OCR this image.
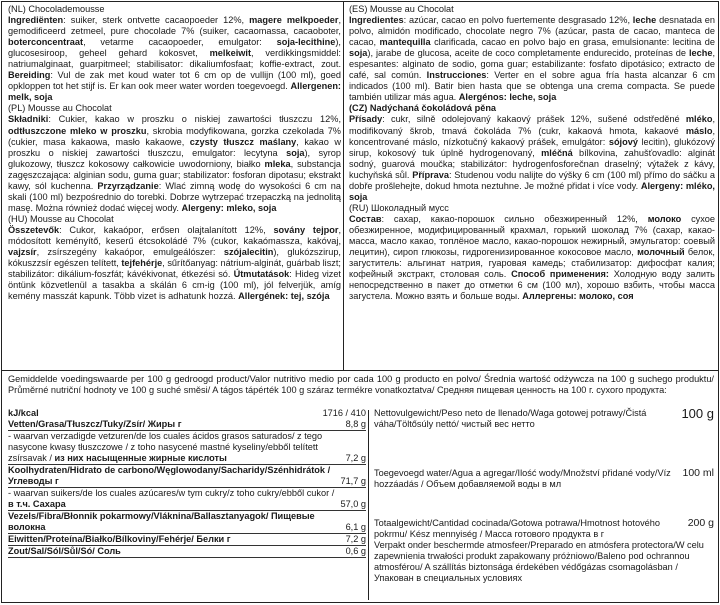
(NL) Chocolademousse
Ingrediënten: suiker, sterk ontvette cacaopoeder 12%, magere melkpoeder, gemodificeerd zetmeel, pure chocolade 7% (suiker, cacaomassa, cacaoboter, boterconcentraat, vetarme cacaopoeder, emulgator: soja-lecithine), glucosesiroop, geheel gehard kokosvet, melkeiwit, verdikkingsmiddel: natriumalginaat, guarpitmeel; stabilisator: dikaliumfosfaat; koffie-extract, zout. Bereiding: Vul de zak met koud water tot 6 cm op de vullijn (100 ml), goed opkloppen tot het stijf is. Er kan ook meer water worden toegevoegd. Allergenen: melk, soja
(PL) Mousse au Chocolat
Składniki: Cukier, kakao w proszku o niskiej zawartości tłuszczu 12%, odtłuszczone mleko w proszku, skrobia modyfikowana, gorzka czekolada 7% (cukier, masa kakaowa, masło kakaowe, czysty tłuszcz maślany, kakao w proszku o niskiej zawartości tłuszczu, emulgator: lecytyna soja), syrop glukozowy, tłuszcz kokosowy całkowicie uwodorniony, białko mleka, substancja zagęszczająca: alginian sodu, guma guar; stabilizator: fosforan dipotasu; ekstrakt kawy, sól kuchenna. Przyrządzanie: Wlać zimną wodę do wysokości 6 cm na skali (100 ml) bezpośrednio do torebki. Dobrze wytrzepać trzepaczką na jednolitą masę. Można również dodać więcej wody. Alergeny: mleko, soja
(HU) Mousse au Chocolat
Összetevők: Cukor, kakaópor, erősen olajtalanított 12%, sovány tejpor, módosított keményítő, keserű étcsokoládé 7% (cukor, kakaómassza, kakóvaj, vajzsír, zsírszegény kakaópor, emulgeálószer: szójalecitin), glukózszirup, kókuszzsír egészen telített, tejfehérje, sűrítőanyag: nátrium-alginát, guárbab liszt; stabilizátor: dikálium-foszfát; kávékivonat, étkezési só. Útmutatások: Hideg vizet öntünk közvetlenül a tasakba a skálán 6 cm-ig (100 ml), jól felverjük, amíg kemény masszát kapunk. Több vizet is adhatunk hozzá. Allergének: tej, szója
(ES) Mousse au Chocolat
Ingredientes: azúcar, cacao en polvo fuertemente desgrasado 12%, leche desnatada en polvo, almidón modificado, chocolate negro 7% (azúcar, pasta de cacao, manteca de cacao, mantequilla clarificada, cacao en polvo bajo en grasa, emulsionante: lecitina de soja), jarabe de glucosa, aceite de coco completamente endurecido, proteínas de leche, espesantes: alginato de sodio, goma guar; estabilizante: fosfato dipotásico; extracto de café, sal común. Instrucciones: Verter en el sobre agua fría hasta alcanzar 6 cm indicados (100 ml). Batir bien hasta que se obtenga una crema compacta. Se puede también utilizar más agua. Alergénos: leche, soja
(CZ) Nadýchaná čokoládová pěna
Přísady: cukr, silně odolejovaný kakaový prášek 12%, sušené odstředěné mléko, modifikovaný škrob, tmavá čokoláda 7% (cukr, kakaová hmota, kakaové máslo, koncentrované máslo, nízkotučný kakaový prášek, emulgátor: sójový lecitin), glukózový sirup, kokosový tuk úplně hydrogenovaný, mléčná bílkovina, zahušťovadlo: alginát sodný, guarová moučka; stabilizátor: hydrogenfosforečnan draselný; výtažek z kávy, kuchyňská sůl. Příprava: Studenou vodu nalijte do výšky 6 cm (100 ml) přímo do sáčku a dobře prošlehejte, dokud hmota neztuhne. Je možné přidat i více vody. Alergeny: mléko, soja
(RU) Шоколадный мусс
Состав: сахар, какао-порошок сильно обезжиренный 12%, молоко сухое обезжиренное, модифицированный крахмал, горький шоколад 7% (сахар, какао-масса, масло какао, топлёное масло, какао-порошок нежирный, эмульгатор: соевый лецитин), сироп глюкозы, гидрогенизированное кокосовое масло, молочный белок, загуститель: альгинат натрия, гуаровая камедь; стабилизатор: дифосфат калия; кофейный экстракт, столовая соль. Способ применения: Холодную воду залить непосредственно в пакет до отметки 6 см (100 мл), хорошо взбить, чтобы масса загустела. Можно взять и больше воды. Аллергены: молоко, соя
Gemiddelde voedingswaarde per 100 g gedroogd product/Valor nutritivo medio por cada 100 g producto en polvo/ Średnia wartość odżywcza na 100 g suchego produktu/ Průměrné nutriční hodnoty ve 100 g suché směsi/ A tágos tápérték 100 g száraz termékre vonatkoztatva/ Средняя пищевая ценность на 100 г. сухого продукта:
kJ/kcal	1716 / 410
Vetten/Grasa/Tłuszcz/Tuky/Zsír/ Жиры г	8,8 g
- waarvan verzadigde vetzuren/de los cuales ácidos grasos saturados/ z tego nasycone kwasy tłuszczowe / z toho nasycené mastné kyseliny/ebből telített zsírsavak / из них насыщенные жирные кислоты	7,2 g
Koolhydraten/Hidrato de carbono/Węglowodany/Sacharidy/Szénhidrátok / Углеводы г	71,7 g
- waarvan suikers/de los cuales azúcares/w tym cukry/z toho cukry/ebből cukor / в т.ч. Сахара	57,0 g
Vezels/Fibra/Błonnik pokarmowy/Vláknina/Ballasztanyagok/ Пищевые волокна	6,1 g
Eiwitten/Proteína/Białko/Bílkoviny/Fehérje/ Белки г	7,2 g
Zout/Sal/Sól/Sůl/Só/ Соль	0,6 g
Nettovulgewicht/Peso neto de llenado/Waga gotowej potrawy/Čistá váha/Töltősúly nettó/ чистый вес нетто
100 g
Toegevoegd water/Agua a agregar/Ilość wody/Množství přidané vody/Víz hozzáadás / Объем добавляемой воды в мл
100 ml
Totaalgewicht/Cantidad cocinada/Gotowa potrawa/Hmotnost hotového pokrmu/ Kész mennyiség / Масса готового продукта в г
200 g
Verpakt onder beschermde atmosfeer/Preparado en atmósfera protectora/W celu zapewnienia trwałości produkt zapakowany próżniowo/Baleno pod ochrannou atmosférou/ A szállítás biztonsága érdekében védőgázas csomagolásban / Упакован в специальных условиях
